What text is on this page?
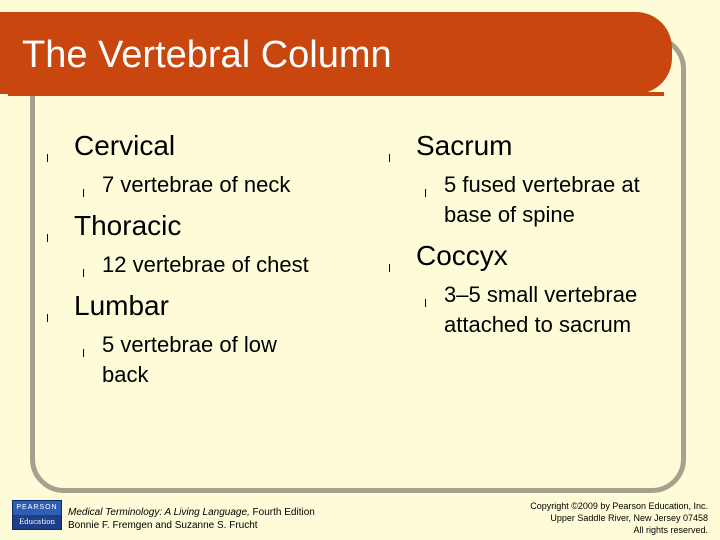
The Vertebral Column
l Cervical
l 7 vertebrae of neck
l Thoracic
l 12 vertebrae of chest
l Lumbar
l 5 vertebrae of low back
l Sacrum
l 5 fused vertebrae at base of spine
l Coccyx
l 3–5 small vertebrae attached to sacrum
PEARSON
Education
Medical Terminology: A Living Language, Fourth Edition
Bonnie F. Fremgen and Suzanne S. Frucht
Copyright ©2009 by Pearson Education, Inc.
Upper Saddle River, New Jersey 07458
All rights reserved.
